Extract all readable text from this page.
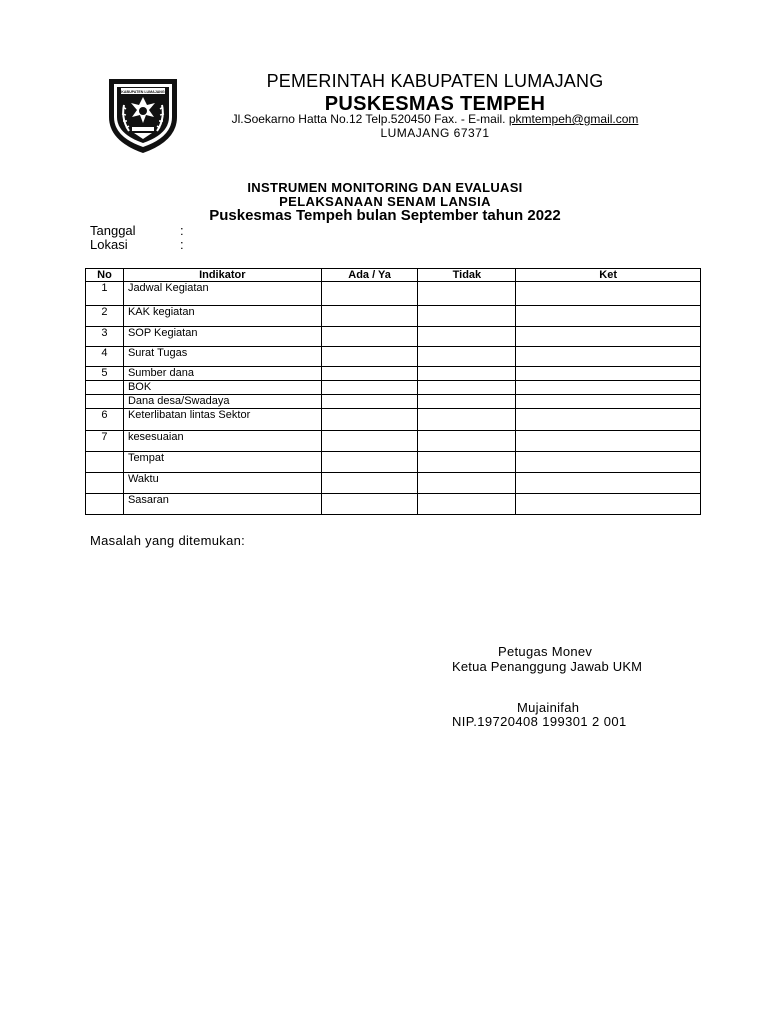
KABUPATEN LUMAJANG
PEMERINTAH KABUPATEN LUMAJANG
PUSKESMAS TEMPEH
Jl.Soekarno Hatta No.12 Telp.520450 Fax. - E-mail. pkmtempeh@gmail.com
LUMAJANG 67371
INSTRUMEN MONITORING DAN EVALUASI
PELAKSANAAN SENAM LANSIA
Puskesmas Tempeh bulan September tahun 2022
Tanggal	:
Lokasi	:
No	Indikator	Ada / Ya	Tidak	Ket
1	Jadwal Kegiatan			
2	KAK kegiatan			
3	SOP Kegiatan			
4	Surat Tugas			
5	Sumber dana			
	BOK			
	Dana desa/Swadaya			
6	Keterlibatan lintas Sektor			
7	kesesuaian			
	Tempat			
	Waktu			
	Sasaran			
Masalah yang ditemukan:
Petugas Monev
Ketua Penanggung Jawab UKM
Mujainifah
NIP.19720408 199301 2 001
